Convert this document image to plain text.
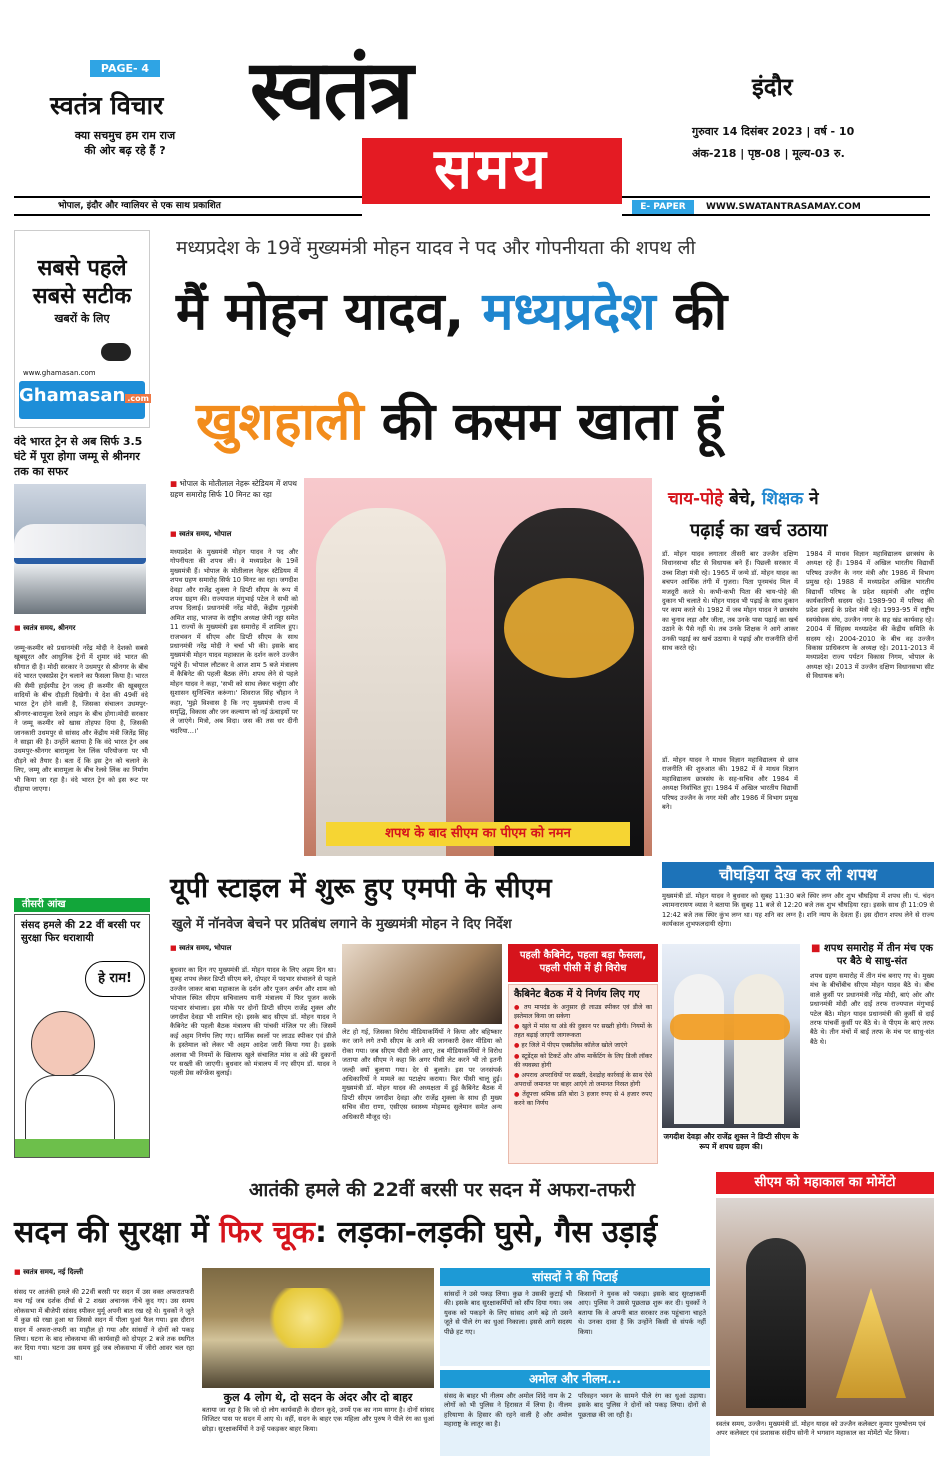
PAGE- 4
स्वतंत्र विचार
क्या सचमुच हम राम राज
की ओर बढ़ रहे हैं ?
स्वतंत्र
समय
इंदौर
गुरुवार 14 दिसंबर 2023 | वर्ष - 10
अंक-218 | पृष्ठ-08 | मूल्य-03 रु.
भोपाल, इंदौर और ग्वालियर से एक साथ प्रकाशित	E- PAPER	WWW.SWATANTRASAMAY.COM
सबसे पहले
सबसे सटीक
खबरों के लिए
www.ghamasan.com
Ghamasan .com
वंदे भारत ट्रेन से अब सिर्फ 3.5 घंटे में पूरा होगा जम्मू से श्रीनगर तक का सफर
■ स्वतंत्र समय, श्रीनगर
जम्मू-कश्मीर को प्रधानमंत्री नरेंद्र मोदी ने देशको सबसे खूबसूरत और आधुनिक ट्रेनों में शुमार वंदे भारत की सौगात दी है। मोदी सरकार ने उधमपुर से श्रीनगर के बीच वंदे भारत एक्सप्रेस ट्रेन चलाने का फैसला किया है। भारत की सैमी हाईस्पीड ट्रेन जल्द ही कश्मीर की खूबसूरत वादियों के बीच दौड़ती दिखेगी। ये देश की 49वीं वंदे भारत ट्रेन होने वाली है, जिसका संचालन उधमपुर-श्रीनगर-बारामूला रेलवे लाइन के बीच होगा।मोदी सरकार ने जम्मू कश्मीर को खास तोहफा दिया है, जिसकी जानकारी उधमपुर से सांसद और केंद्रीय मंत्री जितेंद्र सिंह ने साझा की है। उन्होंने बताया है कि वंदे भारत ट्रेन अब उधमपुर-श्रीनगर बारामूला रेल लिंक परियोजना पर भी दौड़ने को तैयार है। बता दें कि इस ट्रेन को चलाने के लिए, जम्मू और बारामूला के बीच रेलवे लिंक का निर्माण भी किया जा रहा है। वंदे भारत ट्रेन को इस रूट पर दौड़ाया जाएगा।
तीसरी आंख
संसद हमले की 22 वीं बरसी पर सुरक्षा फिर धराशायी
हे राम!
मध्यप्रदेश के 19वें मुख्यमंत्री मोहन यादव ने पद और गोपनीयता की शपथ ली
मैं मोहन यादव, मध्यप्रदेश की
खुशहाली की कसम खाता हूं
■ भोपाल के मोतीलाल नेहरू स्टेडियम में शपथ ग्रहण समारोह सिर्फ 10 मिनट का रहा
■ स्वतंत्र समय, भोपाल
मध्यप्रदेश के मुख्यमंत्री मोहन यादव ने पद और गोपनीयता की शपथ ली। वे मध्यप्रदेश के 19वें मुख्यमंत्री हैं। भोपाल के मोतीलाल नेहरू स्टेडियम में शपथ ग्रहण समारोह सिर्फ 10 मिनट का रहा। जगदीश देवड़ा और राजेंद्र शुक्ला ने डिप्टी सीएम के रूप में शपथ ग्रहण की। राज्यपाल मंगुभाई पटेल ने सभी को शपथ दिलाई। प्रधानमंत्री नरेंद्र मोदी, केंद्रीय गृहमंत्री अमित शाह, भाजपा के राष्ट्रीय अध्यक्ष जेपी नड्डा समेत 11 राज्यों के मुख्यमंत्री इस समारोह में शामिल हुए। राजभवन में सीएम और डिप्टी सीएम के साथ प्रधानमंत्री नरेंद्र मोदी ने चर्चा भी की। इसके बाद मुख्यमंत्री मोहन यादव महाकाल के दर्शन करने उज्जैन पहुंचे हैं। भोपाल लौटकर वे आज शाम 5 बजे मंत्रालय में कैबिनेट की पहली बैठक लेंगे। शपथ लेने से पहले मोहन यादव ने कहा, 'सभी को साथ लेकर चलूंगा और सुशासन सुनिश्चित करूंगा।' शिवराज सिंह चौहान ने कहा, 'मुझे विश्वास है कि नए मुख्यमंत्री राज्य में समृद्धि, विकास और जन कल्याण को नई ऊंचाइयों पर ले जाएंगे। मित्रो, अब विदा। जस की तस धर दीनी चदरिया...।'
शपथ के बाद सीएम का पीएम को नमन
चाय-पोहे बेचे, शिक्षक ने
पढ़ाई का खर्च उठाया
डॉ. मोहन यादव लगातार तीसरी बार उज्जैन दक्षिण विधानसभा सीट से विधायक बने हैं। पिछली सरकार में उच्च शिक्षा मंत्री रहे। 1965 में जन्मे डॉ. मोहन यादव का बचपन आर्थिक तंगी में गुजरा। पिता पूनमचंद मिल में मजदूरी करते थे। कभी-कभी पिता की चाय-पोहे की दुकान भी चलाते थे। मोहन यादव भी पढ़ाई के साथ दुकान पर काम करते थे। 1982 में जब मोहन यादव ने छात्रसंघ का चुनाव लड़ा और जीता, तब उनके पास पढ़ाई का खर्च उठाने के पैसे नहीं थे। तब उनके शिक्षक ने आगे आकर उनकी पढ़ाई का खर्च उठाया। वे पढ़ाई और राजनीति दोनों साथ करते रहे।
डॉ. मोहन यादव ने माधव विज्ञान महाविद्यालय से छात्र राजनीति की शुरुआत की। 1982 में वे माधव विज्ञान महाविद्यालय छात्रसंघ के सह-सचिव और 1984 में अध्यक्ष निर्वाचित हुए। 1984 में अखिल भारतीय विद्यार्थी परिषद उज्जैन के नगर मंत्री और 1986 में विभाग प्रमुख बने।
1984 में माधव विज्ञान महाविद्यालय छात्रसंघ के अध्यक्ष रहे हैं। 1984 में अखिल भारतीय विद्यार्थी परिषद उज्जैन के नगर मंत्री और 1986 में विभाग प्रमुख रहे। 1988 में मध्यप्रदेश अखिल भारतीय विद्यार्थी परिषद के प्रदेश सहमंत्री और राष्ट्रीय कार्यकारिणी सदस्य रहे। 1989-90 में परिषद की प्रदेश इकाई के प्रदेश मंत्री रहे। 1993-95 में राष्ट्रीय स्वयंसेवक संघ, उज्जैन नगर के सह खंड कार्यवाह रहे। 2004 में सिंहस्थ मध्यप्रदेश की केंद्रीय समिति के सदस्य रहे। 2004-2010 के बीच वह उज्जैन विकास प्राधिकरण के अध्यक्ष रहे। 2011-2013 में मध्यप्रदेश राज्य पर्यटन विकास निगम, भोपाल के अध्यक्ष रहे। 2013 में उज्जैन दक्षिण विधानसभा सीट से विधायक बने।
यूपी स्टाइल में शुरू हुए एमपी के सीएम
खुले में नॉनवेज बेचने पर प्रतिबंध लगाने के मुख्यमंत्री मोहन ने दिए निर्देश
■ स्वतंत्र समय, भोपाल
बुधवार का दिन नए मुख्यमंत्री डॉ. मोहन यादव के लिए अहम दिन था। सुबह शपथ लेकर डिप्टी सीएम बने, दोपहर में पदभार संभालने से पहले उज्जैन जाकर बाबा महाकाल के दर्शन और पूजन अर्चन और शाम को भोपाल स्थित सीएम सचिवालय यानी मंत्रालय में फिर पूजन करके पदभार संभाला। इस मौके पर दोनों डिप्टी सीएम राजेंद्र शुक्ल और जगदीश देवड़ा भी शामिल रहे। इसके बाद सीएम डॉ. मोहन यादव ने कैबिनेट की पहली बैठक मंत्रालय की पांचवी मंजिल पर ली। जिसमें कई अहम निर्णय लिए गए। धार्मिक स्थलों पर लाउड स्पीकर एवं डीजे के इस्तेमाल को लेकर भी अहम आदेश जारी किया गया है। इसके अलावा भी नियमों के खिलाफ खुले संचालित मांस व अंडे की दुकानों पर सख्ती की जाएगी। बुधवार को मंत्रालय में नए सीएम डॉ. यादव ने पहली प्रेस कॉन्फ्रेंस बुलाई।
लेट हो गई, जिसका विरोध मीडियाकर्मियों ने किया और बहिष्कार कर जाने लगे तभी सीएम के आने की जानकारी देकर मीडिया को रोका गया। जब सीएम पीसी लेने आए, तब मीडियाकर्मियों ने विरोध जताया और सीएम ने कहा कि अगर पीसी लेट करने भी तो इतनी जल्दी क्यों बुलाया गया। देर से बुलाते। इस पर जनसंपर्क अधिकारियों ने मामले का पटाक्षेप कराया। फिर पीसी चालू हुई। मुख्यमंत्री डॉ. मोहन यादव की अध्यक्षता में हुई कैबिनेट बैठक में डिप्टी सीएम जगदीश देवड़ा और राजेंद्र शुक्ला के साथ ही मुख्य सचिव वीरा राणा, एसीएस स्वास्थ्य मोहम्मद सुलेमान समेत अन्य अधिकारी मौजूद रहे।
पहली कैबिनेट, पहला बड़ा फैसला, पहली पीसी में ही विरोध
कैबिनेट बैठक में ये निर्णय लिए गए
● तय मापदंड के अनुसार ही लाउड स्पीकर एवं डीजे का इस्तेमाल किया जा सकेगा
● खुले में मांस या अंडे की दुकान पर सख्ती होगी। नियमों के तहत बढ़ाई जाएगी जागरूकता
● हर जिले में पीएम एक्सीलेंस कॉलेज खोले जाएंगे
● स्टूडेंट्स को टिकटें और ऑफ मार्केटिंग के लिए डिजी लॉकर की व्यवस्था होगी
● अपराध अपराधियों पर सख्ती, देशद्रोह कार्रवाई के साथ ऐसे अपराधों जमानत पर बाहर आएंगे तो जमानत निरस्त होगी
● तेंदूपत्ता श्रमिक प्रति बोरा 3 हजार रुपए से 4 हजार रुपए करने का निर्णय
चौघड़िया देख कर ली शपथ
मुख्यमंत्री डॉ. मोहन यादव ने बुधवार को सुबह 11:30 बजे स्थिर लग्न और शुभ चौघड़िया में शपथ ली। पं. चंदन श्यामनारायण व्यास ने बताया कि सुबह 11 बजे से 12:20 बजे तक शुभ चौघड़िया रहा। इसके साथ ही 11:09 से 12:42 बजे तक स्थिर कुंभ लग्न था। यह शनि का लग्न है। शनि न्याय के देवता हैं। इस दौरान शपथ लेने से राज्य कार्यकाल शुभफलदायी रहेगा।
■ शपथ समारोह में तीन मंच एक पर बैठे थे साधु-संत
शपथ ग्रहण समारोह में तीन मंच बनाए गए थे। मुख्य मंच के बीचोंबीच सीएम मोहन यादव बैठे थे। बीच वाले कुर्सी पर प्रधानमंत्री नरेंद्र मोदी, बाएं ओर और प्रधानमंत्री मोदी और दाईं तरफ राज्यपाल मंगुभाई पटेल बैठे। मोहन यादव प्रधानमंत्री की कुर्सी से दाईं तरफ पांचवीं कुर्सी पर बैठे थे। वे पीएम के बाएं तरफ बैठे थे। तीन मंचों में बाईं तरफ के मंच पर साधु-संत बैठे थे।
जगदीश देवड़ा और राजेंद्र शुक्ल ने डिप्टी सीएम के रूप में शपथ ग्रहण की।
आतंकी हमले की 22वीं बरसी पर सदन में अफरा-तफरी
सदन की सुरक्षा में फिर चूक: लड़का-लड़की घुसे, गैस उड़ाई
■ स्वतंत्र समय, नई दिल्ली
संसद पर आतंकी हमले की 22वीं बरसी पर सदन में उस वक्त अफरातफरी मच गई जब दर्शक दीर्घा से 2 शख्स अचानक नीचे कूद गए। उस समय लोकसभा में बीजेपी सांसद स्पीकर मुर्मू अपनी बात रख रहे थे। युवकों ने जूते में कुछ स्प्रे रखा हुआ था जिससे सदन में पीला धुआं फैल गया। इस दौरान सदन में अफरा-तफरी का माहौल हो गया और सांसदों ने दोनों को पकड़ लिया। घटना के बाद लोकसभा की कार्यवाही को दोपहर 2 बजे तक स्थगित कर दिया गया। घटना उस समय हुई जब लोकसभा में जीरो आवर चल रहा था।
कुल 4 लोग थे, दो सदन के अंदर और दो बाहर
बताया जा रहा है कि जो दो लोग कार्यवाही के दौरान कूदे, उनमें एक का नाम सागर है। दोनों सांसद विजिटर पास पर सदन में आए थे। वहीं, सदन के बाहर एक महिला और पुरुष ने पीले रंग का धुआं छोड़ा। सुरक्षाकर्मियों ने उन्हें पकड़कर बाहर किया।
सांसदों ने की पिटाई
सांसदों ने उसे पकड़ लिया। कुछ ने उसकी कुटाई भी की। इसके बाद सुरक्षाकर्मियों को सौंप दिया गया। जब युवक को पकड़ने के लिए सांसद आगे बढ़े तो उसने जूते से पीले रंग का धुआं निकाला। इससे आगे सदस्य पीछे हट गए।
किसानों ने युवक को पकड़ा। इसके बाद सुरक्षाकर्मी आए। पुलिस ने उससे पूछताछ शुरू कर दी। युवकों ने बताया कि वे अपनी बात सरकार तक पहुंचाना चाहते थे। उनका दावा है कि उन्होंने किसी से संपर्क नहीं किया।
अमोल और नीलम...
संसद के बाहर भी नीलम और अमोल शिंदे नाम के 2 लोगों को भी पुलिस ने हिरासत में लिया है। नीलम हरियाणा के हिसार की रहने वाली है और अमोल महाराष्ट्र के लातूर का है।
परिवहन भवन के सामने पीले रंग का धुआं उड़ाया। इसके बाद पुलिस ने दोनों को पकड़ लिया। दोनों से पूछताछ की जा रही है।
सीएम को महाकाल का मोमेंटो
स्वतंत्र समय, उज्जैन। मुख्यमंत्री डॉ. मोहन यादव को उज्जैन कलेक्टर कुमार पुरुषोत्तम एवं अपर कलेक्टर एवं प्रशासक संदीप सोनी ने भगवान महाकाल का मोमेंटो भेंट किया।
